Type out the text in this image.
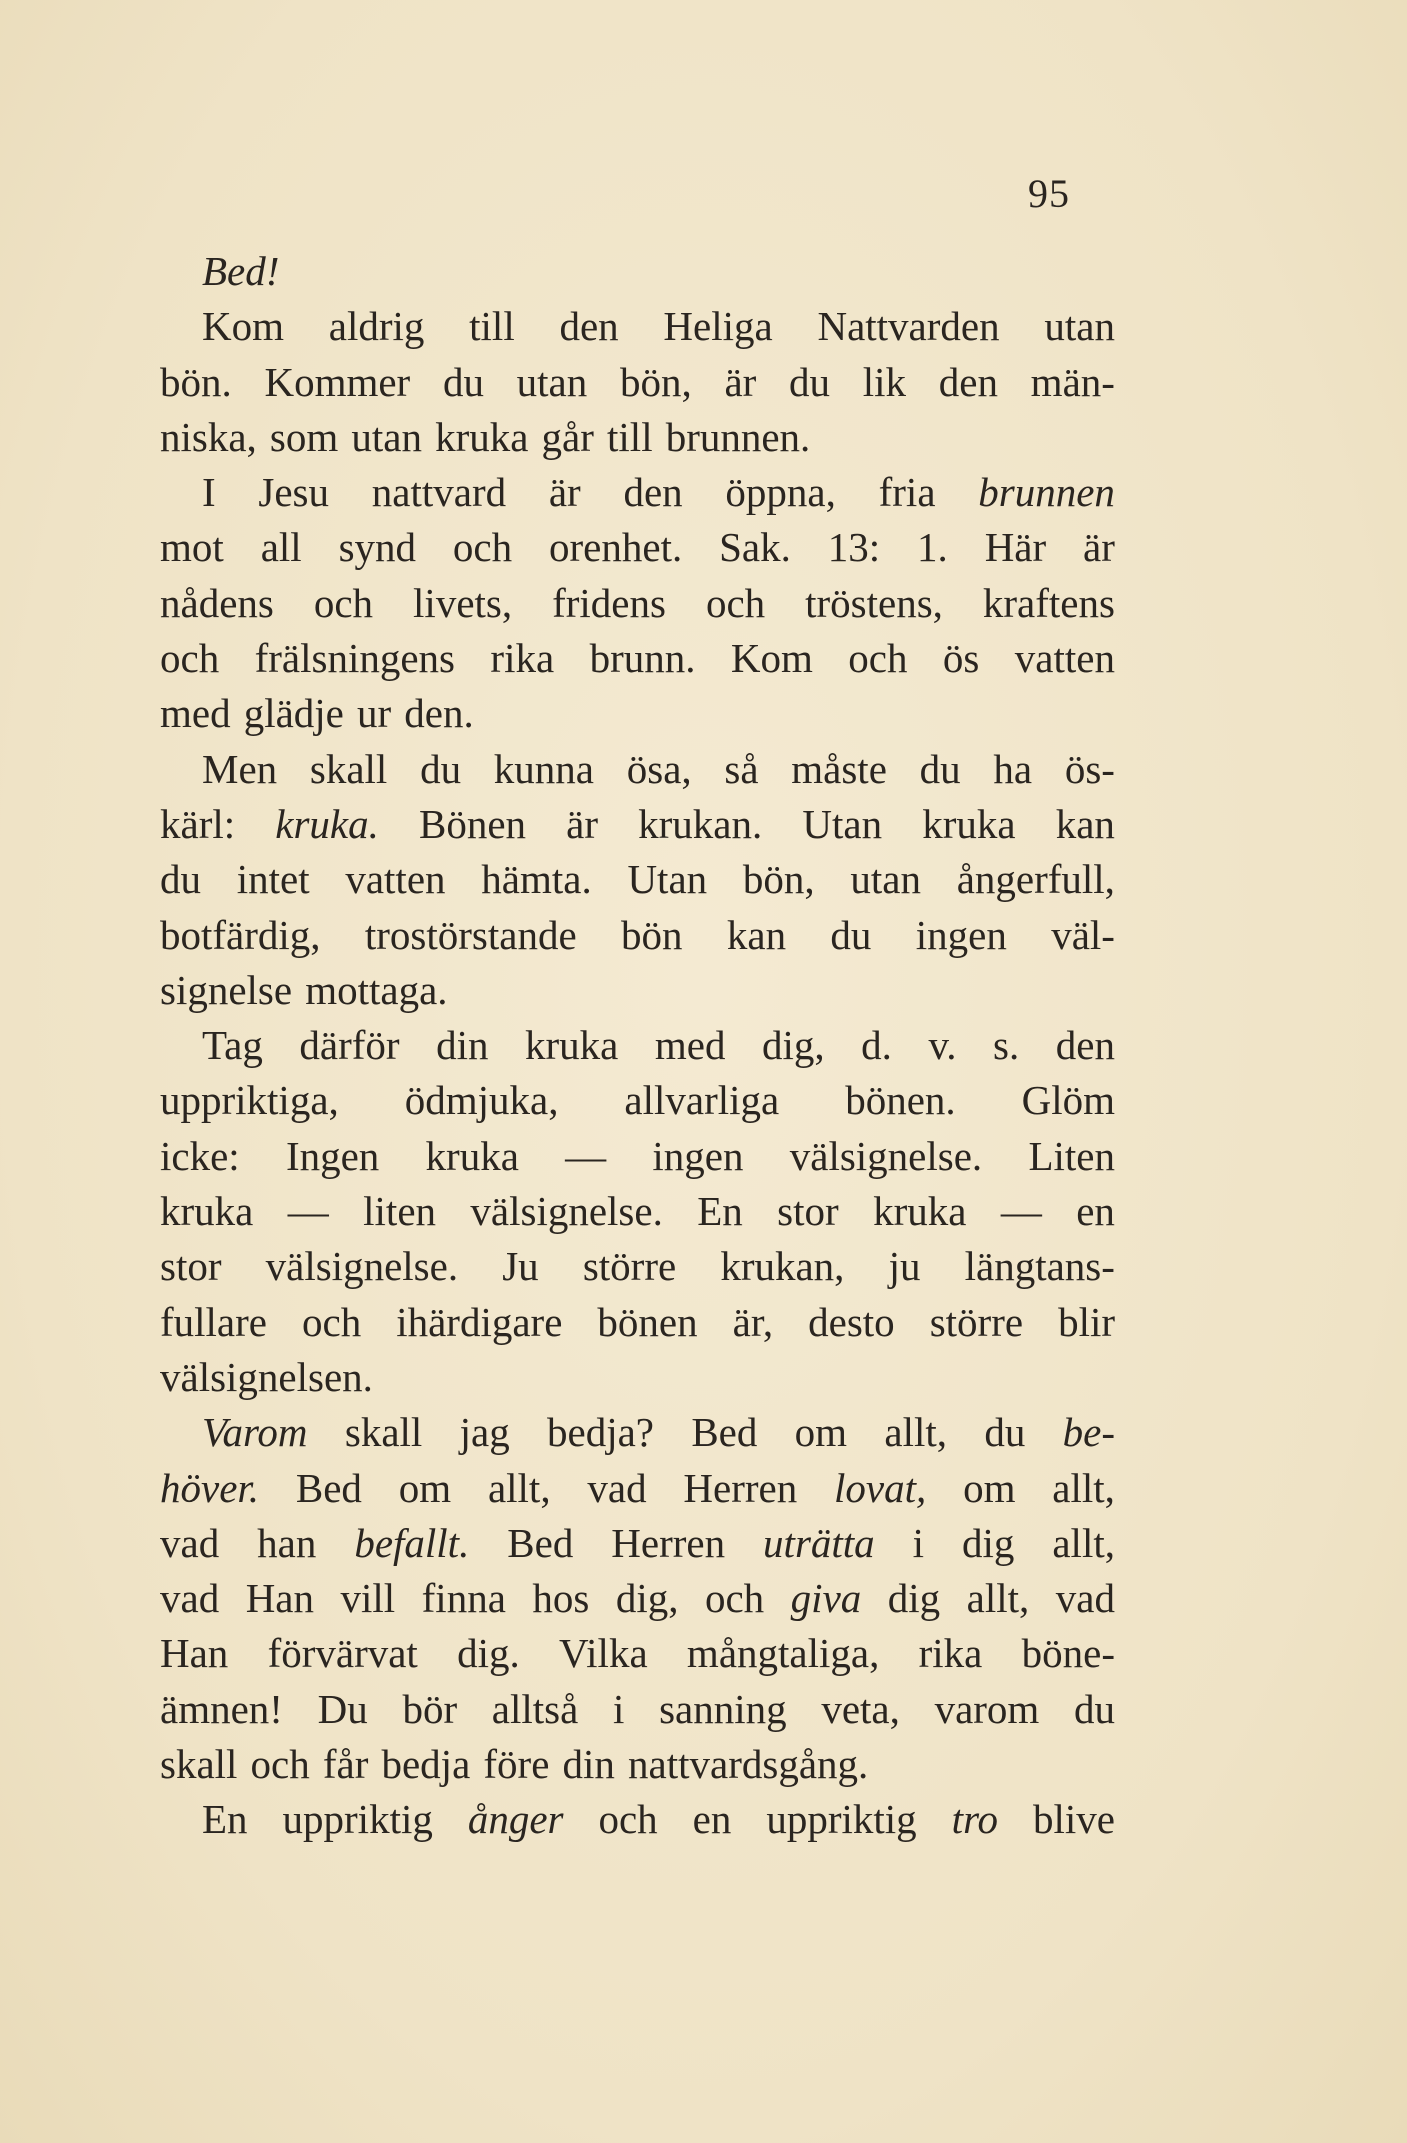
95
Bed!
Kom aldrig till den Heliga Nattvarden utan
bön. Kommer du utan bön, är du lik den män-
niska, som utan kruka går till brunnen.
I Jesu nattvard är den öppna, fria brunnen
mot all synd och orenhet. Sak. 13: 1. Här är
nådens och livets, fridens och tröstens, kraftens
och frälsningens rika brunn. Kom och ös vatten
med glädje ur den.
Men skall du kunna ösa, så måste du ha ös-
kärl: kruka. Bönen är krukan. Utan kruka kan
du intet vatten hämta. Utan bön, utan ångerfull,
botfärdig, trostörstande bön kan du ingen väl-
signelse mottaga.
Tag därför din kruka med dig, d. v. s. den
uppriktiga, ödmjuka, allvarliga bönen. Glöm
icke: Ingen kruka — ingen välsignelse. Liten
kruka — liten välsignelse. En stor kruka — en
stor välsignelse. Ju större krukan, ju längtans-
fullare och ihärdigare bönen är, desto större blir
välsignelsen.
Varom skall jag bedja? Bed om allt, du be-
höver. Bed om allt, vad Herren lovat, om allt,
vad han befallt. Bed Herren uträtta i dig allt,
vad Han vill finna hos dig, och giva dig allt, vad
Han förvärvat dig. Vilka mångtaliga, rika böne-
ämnen! Du bör alltså i sanning veta, varom du
skall och får bedja före din nattvardsgång.
En uppriktig ånger och en uppriktig tro blive
